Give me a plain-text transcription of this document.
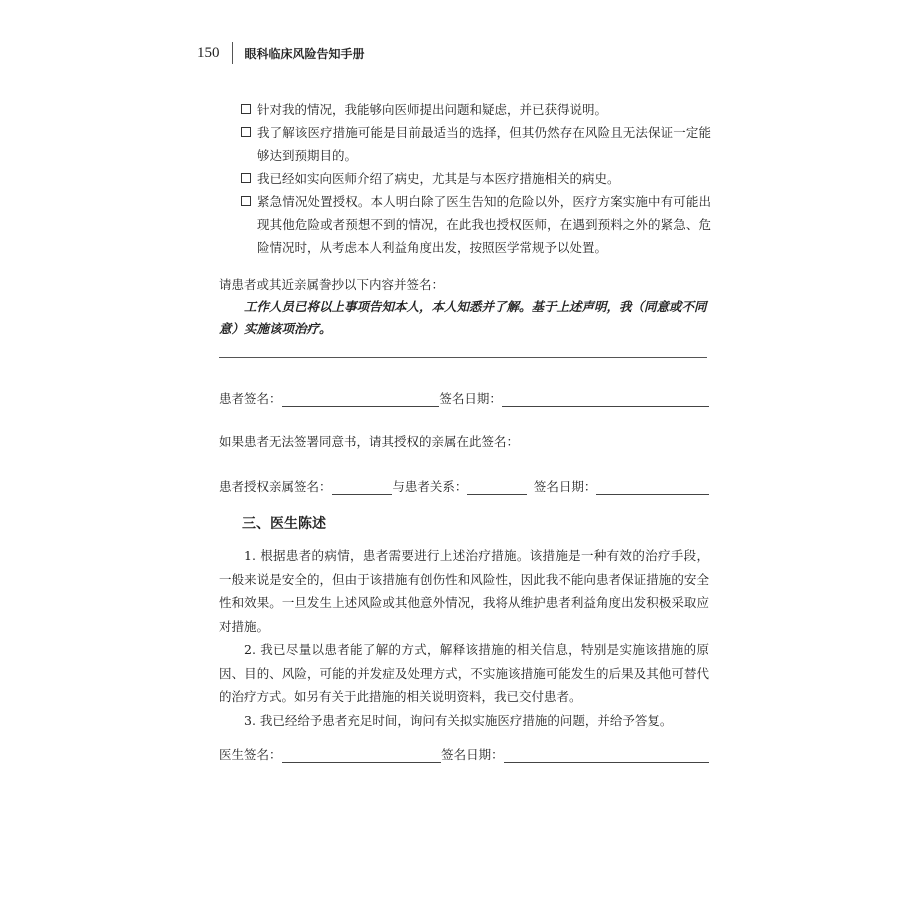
150 眼科临床风险告知手册
针对我的情况，我能够向医师提出问题和疑虑，并已获得说明。
我了解该医疗措施可能是目前最适当的选择，但其仍然存在风险且无法保证一定能够达到预期目的。
我已经如实向医师介绍了病史，尤其是与本医疗措施相关的病史。
紧急情况处置授权。本人明白除了医生告知的危险以外，医疗方案实施中有可能出现其他危险或者预想不到的情况，在此我也授权医师，在遇到预料之外的紧急、危险情况时，从考虑本人利益角度出发，按照医学常规予以处置。
请患者或其近亲属誊抄以下内容并签名：
工作人员已将以上事项告知本人，本人知悉并了解。基于上述声明，我（同意或不同意）实施该项治疗。
患者签名：	签名日期：
如果患者无法签署同意书，请其授权的亲属在此签名：
患者授权亲属签名：	与患者关系：	签名日期：
三、医生陈述
1. 根据患者的病情，患者需要进行上述治疗措施。该措施是一种有效的治疗手段，一般来说是安全的，但由于该措施有创伤性和风险性，因此我不能向患者保证措施的安全性和效果。一旦发生上述风险或其他意外情况，我将从维护患者利益角度出发积极采取应对措施。
2. 我已尽量以患者能了解的方式，解释该措施的相关信息，特别是实施该措施的原因、目的、风险，可能的并发症及处理方式，不实施该措施可能发生的后果及其他可替代的治疗方式。如另有关于此措施的相关说明资料，我已交付患者。
3. 我已经给予患者充足时间，询问有关拟实施医疗措施的问题，并给予答复。
医生签名：	签名日期：
